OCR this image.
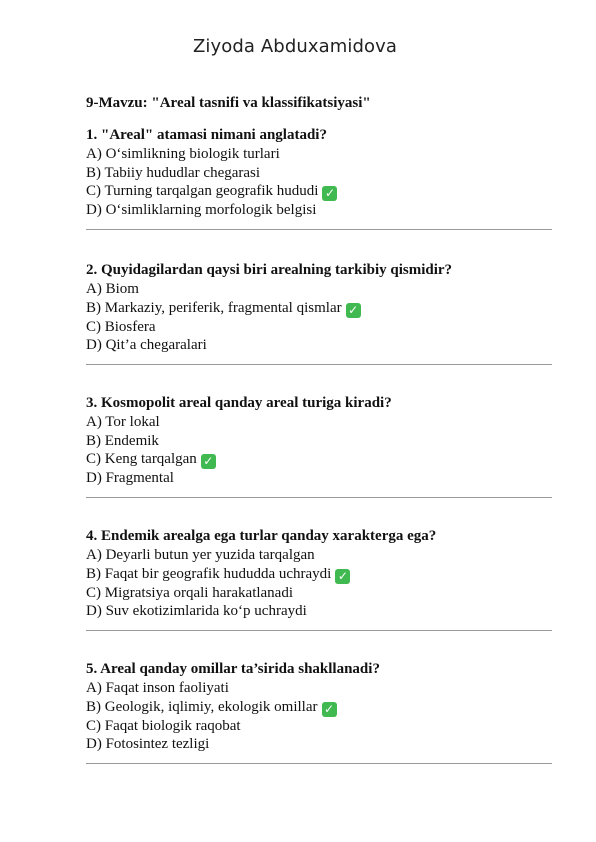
Ziyoda Abduxamidova
9-Mavzu: "Areal tasnifi va klassifikatsiyasi"
1. "Areal" atamasi nimani anglatadi?
A) O‘simlikning biologik turlari
B) Tabiiy hududlar chegarasi
C) Turning tarqalgan geografik hududi ✓
D) O‘simliklarning morfologik belgisi
2. Quyidagilardan qaysi biri arealning tarkibiy qismidir?
A) Biom
B) Markaziy, periferik, fragmental qismlar ✓
C) Biosfera
D) Qit’a chegaralari
3. Kosmopolit areal qanday areal turiga kiradi?
A) Tor lokal
B) Endemik
C) Keng tarqalgan ✓
D) Fragmental
4. Endemik arealga ega turlar qanday xarakterga ega?
A) Deyarli butun yer yuzida tarqalgan
B) Faqat bir geografik hududda uchraydi ✓
C) Migratsiya orqali harakatlanadi
D) Suv ekotizimlarida ko‘p uchraydi
5. Areal qanday omillar ta’sirida shakllanadi?
A) Faqat inson faoliyati
B) Geologik, iqlimiy, ekologik omillar ✓
C) Faqat biologik raqobat
D) Fotosintez tezligi
